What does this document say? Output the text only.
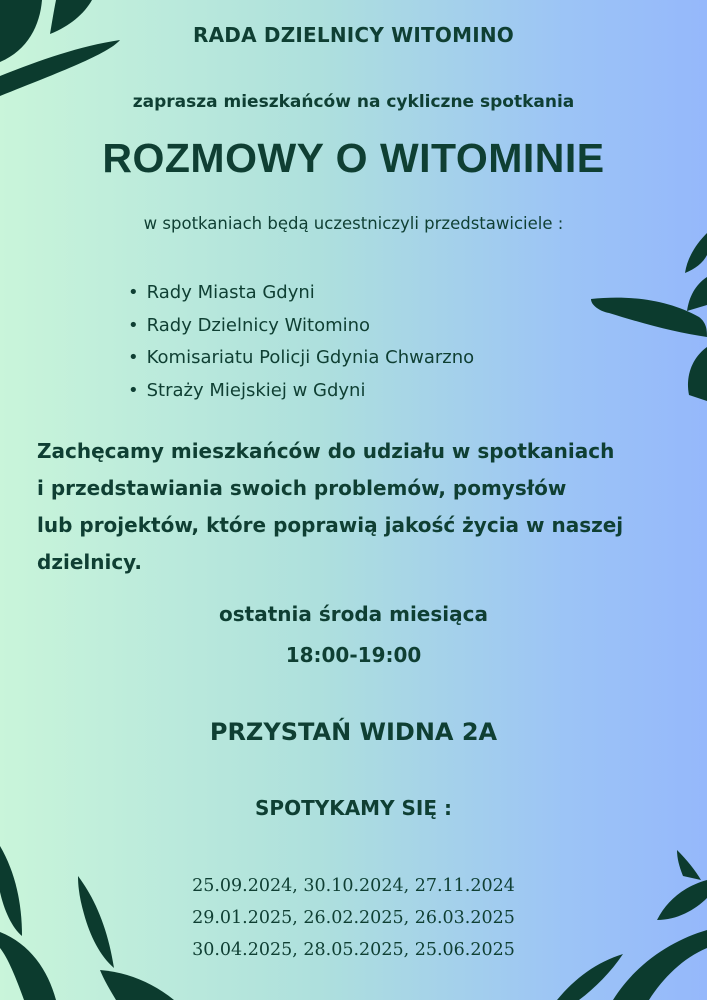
RADA DZIELNICY WITOMINO

zaprasza mieszkańców na cykliczne spotkania

ROZMOWY O WITOMINIE

w spotkaniach będą uczestniczyli przedstawiciele :

• Rady Miasta Gdyni
• Rady Dzielnicy Witomino
• Komisariatu Policji Gdynia Chwarzno
• Straży Miejskiej w Gdyni

Zachęcamy mieszkańców do udziału w spotkaniach
i przedstawiania swoich problemów, pomysłów
lub projektów, które poprawią jakość życia w naszej
dzielnicy.

ostatnia środa miesiąca

18:00-19:00

PRZYSTAŃ WIDNA 2A

SPOTYKAMY SIĘ :

25.09.2024, 30.10.2024, 27.11.2024
29.01.2025, 26.02.2025, 26.03.2025
30.04.2025, 28.05.2025, 25.06.2025
